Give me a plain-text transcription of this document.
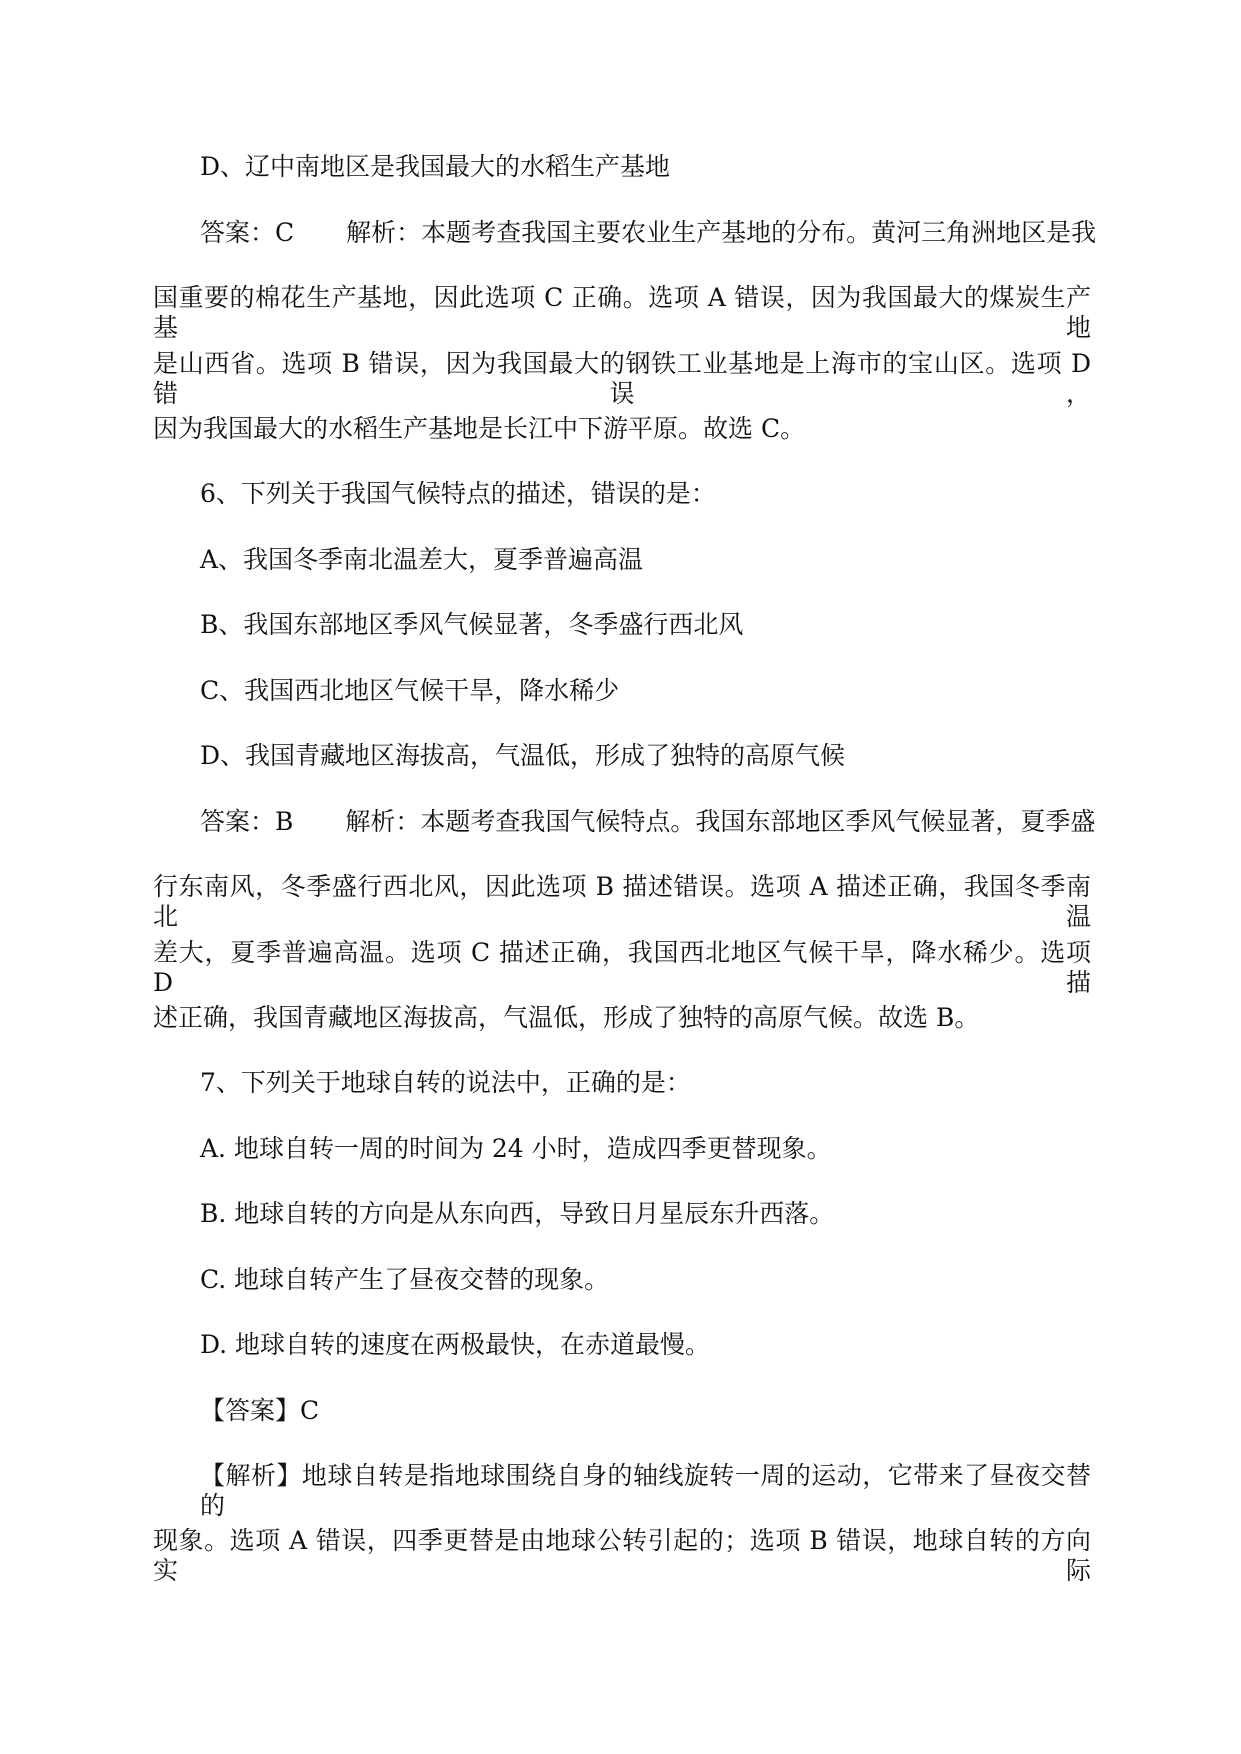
D、辽中南地区是我国最大的水稻生产基地
答案：C 解析：本题考查我国主要农业生产基地的分布。黄河三角洲地区是我
国重要的棉花生产基地，因此选项 C 正确。选项 A 错误，因为我国最大的煤炭生产基地
是山西省。选项 B 错误，因为我国最大的钢铁工业基地是上海市的宝山区。选项 D 错误，
因为我国最大的水稻生产基地是长江中下游平原。故选 C。
6、下列关于我国气候特点的描述，错误的是：
A、我国冬季南北温差大，夏季普遍高温
B、我国东部地区季风气候显著，冬季盛行西北风
C、我国西北地区气候干旱，降水稀少
D、我国青藏地区海拔高，气温低，形成了独特的高原气候
答案：B 解析：本题考查我国气候特点。我国东部地区季风气候显著，夏季盛
行东南风，冬季盛行西北风，因此选项 B 描述错误。选项 A 描述正确，我国冬季南北温
差大，夏季普遍高温。选项 C 描述正确，我国西北地区气候干旱，降水稀少。选项 D 描
述正确，我国青藏地区海拔高，气温低，形成了独特的高原气候。故选 B。
7、下列关于地球自转的说法中，正确的是：
A. 地球自转一周的时间为 24 小时，造成四季更替现象。
B. 地球自转的方向是从东向西，导致日月星辰东升西落。
C. 地球自转产生了昼夜交替的现象。
D. 地球自转的速度在两极最快，在赤道最慢。
【答案】C
【解析】地球自转是指地球围绕自身的轴线旋转一周的运动，它带来了昼夜交替的
现象。选项 A 错误，四季更替是由地球公转引起的；选项 B 错误，地球自转的方向实际
